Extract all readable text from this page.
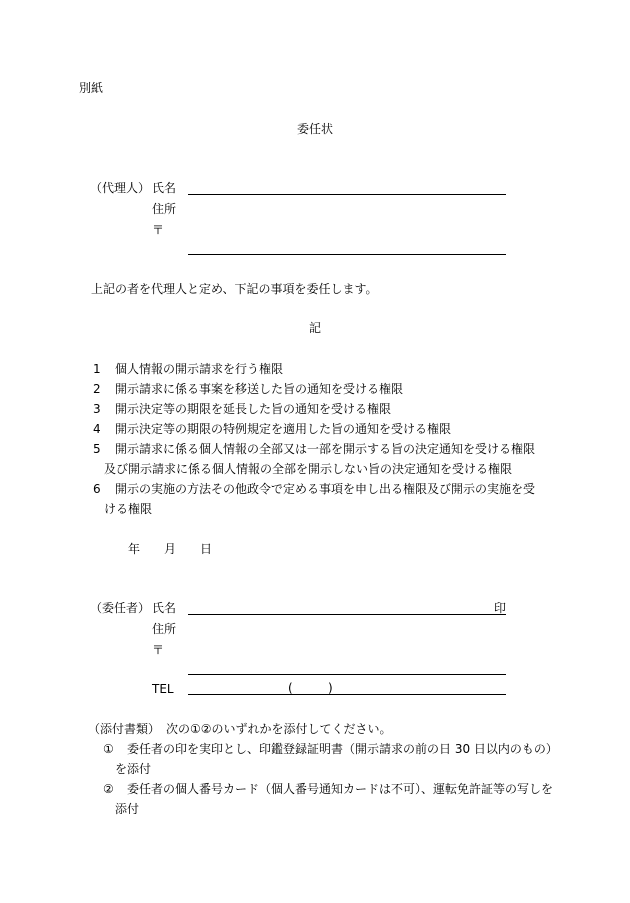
別紙
委任状
（代理人） 氏名
住所
〒
上記の者を代理人と定め、下記の事項を委任します。
記
1 個人情報の開示請求を行う権限
2 開示請求に係る事案を移送した旨の通知を受ける権限
3 開示決定等の期限を延長した旨の通知を受ける権限
4 開示決定等の期限の特例規定を適用した旨の通知を受ける権限
5 開示請求に係る個人情報の全部又は一部を開示する旨の決定通知を受ける権限
及び開示請求に係る個人情報の全部を開示しない旨の決定通知を受ける権限
6 開示の実施の方法その他政令で定める事項を申し出る権限及び開示の実施を受
ける権限
年 月 日
（委任者） 氏名	印
住所
〒
TEL	(	)
（添付書類） 次の①②のいずれかを添付してください。
① 委任者の印を実印とし、印鑑登録証明書（開示請求の前の日 30 日以内のもの）
を添付
② 委任者の個人番号カード（個人番号通知カードは不可）、運転免許証等の写しを
添付
